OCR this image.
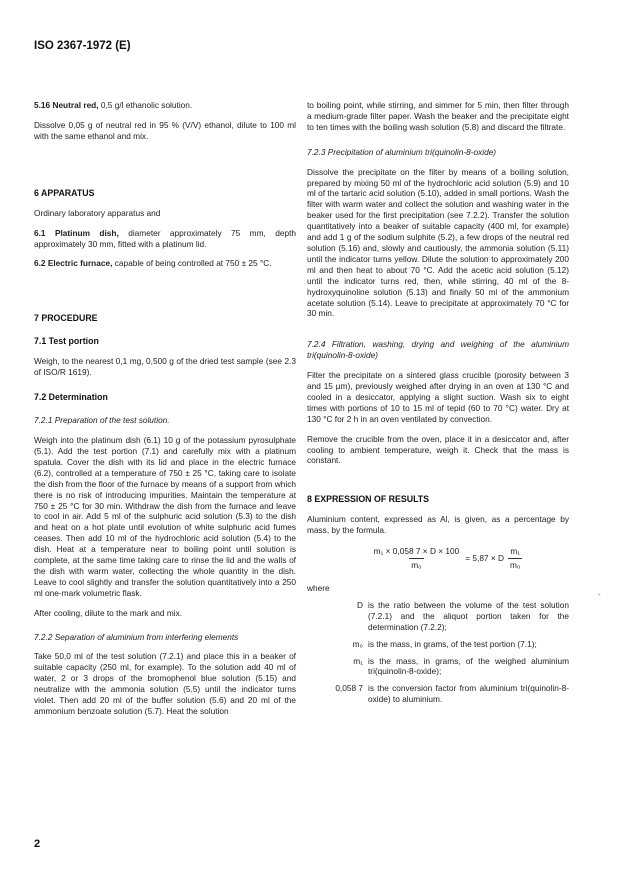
ISO 2367-1972 (E)

5.16 Neutral red, 0,5 g/l ethanolic solution.

Dissolve 0,05 g of neutral red in 95 % (V/V) ethanol, dilute to 100 ml with the same ethanol and mix.

6 APPARATUS

Ordinary laboratory apparatus and

6.1 Platinum dish, diameter approximately 75 mm, depth approximately 30 mm, fitted with a platinum lid.

6.2 Electric furnace, capable of being controlled at 750 ± 25 °C.

7 PROCEDURE
7.1 Test portion

Weigh, to the nearest 0,1 mg, 0,500 g of the dried test sample (see 2.3 of ISO/R 1619).

7.2 Determination

7.2.1 Preparation of the test solution.

Weigh into the platinum dish (6.1) 10 g of the potassium pyrosulphate (5.1). Add the test portion (7.1) and carefully mix with a platinum spatula. Cover the dish with its lid and place in the electric furnace (6.2), controlled at a temperature of 750 ± 25 °C, taking care to isolate the dish from the floor of the furnace by means of a support from which there is no risk of introducing impurities. Maintain the temperature at 750 ± 25 °C for 30 min. Withdraw the dish from the furnace and leave to cool in air. Add 5 ml of the sulphuric acid solution (5.3) to the dish and heat on a hot plate until evolution of white sulphuric acid fumes ceases. Then add 10 ml of the hydrochloric acid solution (5.4) to the dish. Heat at a temperature near to boiling point until solution is complete, at the same time taking care to rinse the lid and the walls of the dish with warm water, collecting the whole quantity in the dish. Leave to cool slightly and transfer the solution quantitatively into a 250 ml one-mark volumetric flask.

After cooling, dilute to the mark and mix.

7.2.2 Separation of aluminium from interfering elements

Take 50,0 ml of the test solution (7.2.1) and place this in a beaker of suitable capacity (250 ml, for example). To the solution add 40 ml of water, 2 or 3 drops of the bromophenol blue solution (5.15) and neutralize with the ammonia solution (5.5) until the indicator turns violet. Then add 20 ml of the buffer solution (5.6) and 20 ml of the ammonium benzoate solution (5.7). Heat the solution

to boiling point, while stirring, and simmer for 5 min, then filter through a medium-grade filter paper. Wash the beaker and the precipitate eight to ten times with the boiling wash solution (5.8) and discard the filtrate.

7.2.3 Precipitation of aluminium tri(quinolin-8-oxide)

Dissolve the precipitate on the filter by means of a boiling solution, prepared by mixing 50 ml of the hydrochloric acid solution (5.9) and 10 ml of the tartaric acid solution (5.10), added in small portions. Wash the filter with warm water and collect the solution and washing water in the beaker used for the first precipitation (see 7.2.2). Transfer the solution quantitatively into a beaker of suitable capacity (400 ml, for example) and add 1 g of the sodium sulphite (5.2), a few drops of the neutral red solution (5.16) and, slowly and cautiously, the ammonia solution (5.11) until the indicator turns yellow. Dilute the solution to approximately 200 ml and then heat to about 70 °C. Add the acetic acid solution (5.12) until the indicator turns red, then, while stirring, 40 ml of the 8-hydroxyquinoline solution (5.13) and finally 50 ml of the ammonium acetate solution (5.14). Leave to precipitate at approximately 70 °C for 30 min.

7.2.4 Filtration, washing, drying and weighing of the aluminium tri(quinolin-8-oxide)

Filter the precipitate on a sintered glass crucible (porosity between 3 and 15 µm), previously weighed after drying in an oven at 130 °C and cooled in a desiccator, applying a slight suction. Wash six to eight times with portions of 10 to 15 ml of tepid (60 to 70 °C) water. Dry at 130 °C for 2 h in an oven ventilated by convection.

Remove the crucible from the oven, place it in a desiccator and, after cooling to ambient temperature, weigh it. Check that the mass is constant.

8 EXPRESSION OF RESULTS

Aluminium content, expressed as Al, is given, as a percentage by mass, by the formula.

$\frac{\text{m₁ × 0,058 7 × D × 100}}{\text{m₀}} = 5,87 \times D \frac{\text{m₁}}{\text{m₀}}$

where

D is the ratio between the volume of the test solution (7.2.1) and the aliquot portion taken for the determination (7.2.2);
m₀ is the mass, in grams, of the test portion (7.1);
m₁ is the mass, in grams, of the weighed aluminium tri(quinolin-8-oxide);
0,058 7 is the conversion factor from aluminium tri(quinolin-8-oxide) to aluminium.
-
2
